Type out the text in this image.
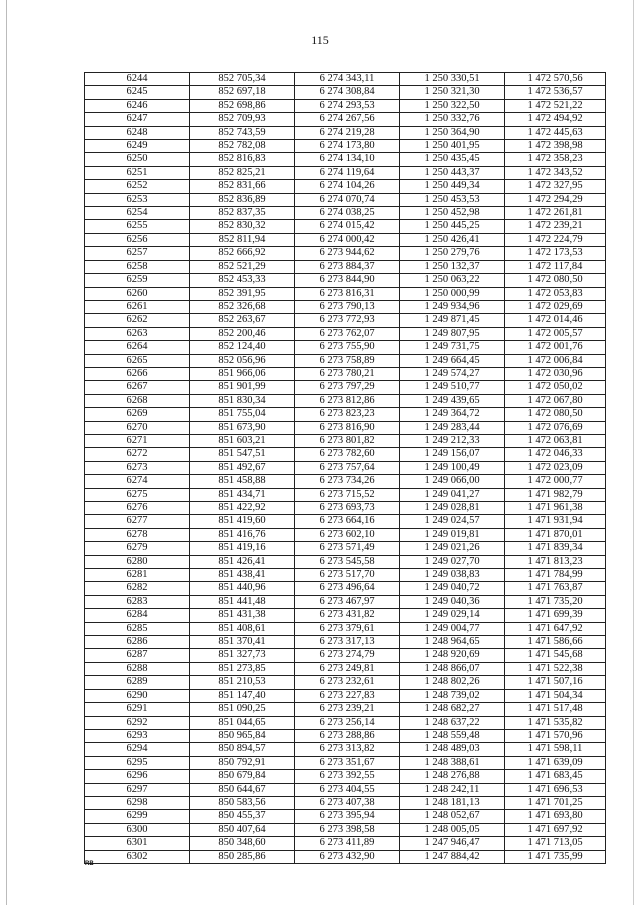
115
6244	852 705,34	6 274 343,11	1 250 330,51	1 472 570,56
6245	852 697,18	6 274 308,84	1 250 321,30	1 472 536,57
6246	852 698,86	6 274 293,53	1 250 322,50	1 472 521,22
6247	852 709,93	6 274 267,56	1 250 332,76	1 472 494,92
6248	852 743,59	6 274 219,28	1 250 364,90	1 472 445,63
6249	852 782,08	6 274 173,80	1 250 401,95	1 472 398,98
6250	852 816,83	6 274 134,10	1 250 435,45	1 472 358,23
6251	852 825,21	6 274 119,64	1 250 443,37	1 472 343,52
6252	852 831,66	6 274 104,26	1 250 449,34	1 472 327,95
6253	852 836,89	6 274 070,74	1 250 453,53	1 472 294,29
6254	852 837,35	6 274 038,25	1 250 452,98	1 472 261,81
6255	852 830,32	6 274 015,42	1 250 445,25	1 472 239,21
6256	852 811,94	6 274 000,42	1 250 426,41	1 472 224,79
6257	852 666,92	6 273 944,62	1 250 279,76	1 472 173,53
6258	852 521,29	6 273 884,37	1 250 132,37	1 472 117,84
6259	852 453,33	6 273 844,90	1 250 063,22	1 472 080,50
6260	852 391,95	6 273 816,31	1 250 000,99	1 472 053,83
6261	852 326,68	6 273 790,13	1 249 934,96	1 472 029,69
6262	852 263,67	6 273 772,93	1 249 871,45	1 472 014,46
6263	852 200,46	6 273 762,07	1 249 807,95	1 472 005,57
6264	852 124,40	6 273 755,90	1 249 731,75	1 472 001,76
6265	852 056,96	6 273 758,89	1 249 664,45	1 472 006,84
6266	851 966,06	6 273 780,21	1 249 574,27	1 472 030,96
6267	851 901,99	6 273 797,29	1 249 510,77	1 472 050,02
6268	851 830,34	6 273 812,86	1 249 439,65	1 472 067,80
6269	851 755,04	6 273 823,23	1 249 364,72	1 472 080,50
6270	851 673,90	6 273 816,90	1 249 283,44	1 472 076,69
6271	851 603,21	6 273 801,82	1 249 212,33	1 472 063,81
6272	851 547,51	6 273 782,60	1 249 156,07	1 472 046,33
6273	851 492,67	6 273 757,64	1 249 100,49	1 472 023,09
6274	851 458,88	6 273 734,26	1 249 066,00	1 472 000,77
6275	851 434,71	6 273 715,52	1 249 041,27	1 471 982,79
6276	851 422,92	6 273 693,73	1 249 028,81	1 471 961,38
6277	851 419,60	6 273 664,16	1 249 024,57	1 471 931,94
6278	851 416,76	6 273 602,10	1 249 019,81	1 471 870,01
6279	851 419,16	6 273 571,49	1 249 021,26	1 471 839,34
6280	851 426,41	6 273 545,58	1 249 027,70	1 471 813,23
6281	851 438,41	6 273 517,70	1 249 038,83	1 471 784,99
6282	851 440,96	6 273 496,64	1 249 040,72	1 471 763,87
6283	851 441,48	6 273 467,97	1 249 040,36	1 471 735,20
6284	851 431,38	6 273 431,82	1 249 029,14	1 471 699,39
6285	851 408,61	6 273 379,61	1 249 004,77	1 471 647,92
6286	851 370,41	6 273 317,13	1 248 964,65	1 471 586,66
6287	851 327,73	6 273 274,79	1 248 920,69	1 471 545,68
6288	851 273,85	6 273 249,81	1 248 866,07	1 471 522,38
6289	851 210,53	6 273 232,61	1 248 802,26	1 471 507,16
6290	851 147,40	6 273 227,83	1 248 739,02	1 471 504,34
6291	851 090,25	6 273 239,21	1 248 682,27	1 471 517,48
6292	851 044,65	6 273 256,14	1 248 637,22	1 471 535,82
6293	850 965,84	6 273 288,86	1 248 559,48	1 471 570,96
6294	850 894,57	6 273 313,82	1 248 489,03	1 471 598,11
6295	850 792,91	6 273 351,67	1 248 388,61	1 471 639,09
6296	850 679,84	6 273 392,55	1 248 276,88	1 471 683,45
6297	850 644,67	6 273 404,55	1 248 242,11	1 471 696,53
6298	850 583,56	6 273 407,38	1 248 181,13	1 471 701,25
6299	850 455,37	6 273 395,94	1 248 052,67	1 471 693,80
6300	850 407,64	6 273 398,58	1 248 005,05	1 471 697,92
6301	850 348,60	6 273 411,89	1 247 946,47	1 471 713,05
6302	850 285,86	6 273 432,90	1 247 884,42	1 471 735,99
RB
